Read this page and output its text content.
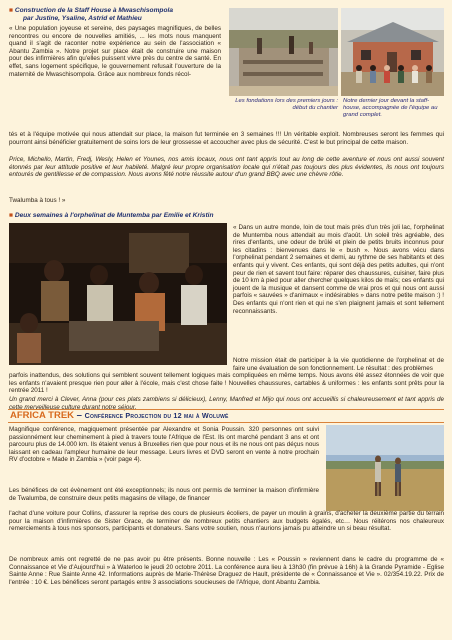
■ Construction de la Staff House à Mwaschisompola
par Justine, Ysaline, Astrid et Mathieu

« Une population joyeuse et sereine, des paysages magnifiques, de belles rencontres ou encore de nouvelles amitiés, ... les mots nous manquent quand il s'agit de raconter notre expérience au sein de l'association « Abantu Zambia ». Notre projet sur place était de construire une maison pour des infirmières afin qu'elles puissent vivre près du centre de santé. En effet, sans logement spécifique, le gouvernement refusait l'ouverture de la maternité de Mwaschisompola. Grâce aux nombreux fonds récol-

Les fondations lors des premiers jours : début du chantier
Notre dernier jour devant la staff-house, accompagnée de l'équipe au grand complet.

tés et à l'équipe motivée qui nous attendait sur place, la maison fut terminée en 3 semaines !!! Un véritable exploit. Nombreuses seront les femmes qui pourront ainsi bénéficier gratuitement de soins lors de leur grossesse et accoucher avec plus de sécurité. C'est le but principal de cette maison.

Price, Michello, Martin, Fredj, Wesly, Helen et Younes, nos amis locaux, nous ont tant appris tout au long de cette aventure et nous ont aussi souvent étonnés par leur attitude positive et leur habileté. Malgré leur propre organisation locale qui n'était pas toujours des plus évidentes, ils nous ont toujours entourés de gentillesse et de compassion. Nous avons fêté notre réussite autour d'un grand BBQ avec une chèvre rôtie.

Twalumba à tous ! »

■ Deux semaines à l'orphelinat de Muntemba par Emilie et Kristin

« Dans un autre monde, loin de tout mais près d'un très joli lac, l'orphelinat de Muntemba nous attendait au mois d'août. Un soleil très agréable, des rires d'enfants, une odeur de brûlé et plein de petits bruits inconnus pour les citadins : bienvenues dans le « bush ». Nous avons vécu dans l'orphelinat pendant 2 semaines et demi, au rythme de ses habitants et des enfants qui y vivent. Ces enfants, qui sont déjà des petits adultes, qui n'ont peur de rien et savent tout faire: réparer des chaussures, cuisiner, faire plus de 10 km à pied pour aller chercher quelques kilos de maïs; ces enfants qui jouent de la musique et dansent comme de vrai pros et qui nous ont aussi parfois « sauvées » d'animaux « indésirables » dans notre petite maison :) ! Des enfants qui n'ont rien et qui ne s'en plaignent jamais et sont tellement reconnaissants.

Notre mission était de participer à la vie quotidienne de l'orphelinat et de faire une évaluation de son fonctionnement. Le résultat : des problèmes

parfois inattendus, des solutions qui semblent souvent tellement logiques mais compliquées en même temps. Nous avons été assez étonnées de voir que les enfants n'avaient presque rien pour aller à l'école, mais c'est chose faite ! Nouvelles chaussures, cartables & uniformes : les enfants sont prêts pour la rentrée 2011 !

Un grand merci à Clever, Anna (pour ces plats zambiens si délicieux), Lenny, Manfred et Mijo qui nous ont accueillis si chaleureusement et tant appris de cette merveilleuse culture durant notre séjour.

AFRICA TREK – Conférence Projection du 12 mai à Woluwé

Magnifique conférence, magiquement présentée par Alexandre et Sonia Poussin. 320 personnes ont suivi passionnément leur cheminement à pied à travers toute l'Afrique de l'Est. Ils ont marché pendant 3 ans et ont parcouru plus de 14.000 km. Ils étaient venus à Bruxelles rien que pour nous et ils ne nous ont pas déçus nous laissant en cadeau l'ampleur humaine de leur message. Leurs livres et DVD seront en vente à notre prochain RV d'octobre « Made in Zambia » (voir page 4).

Les bénéfices de cet évènement ont été exceptionnels; ils nous ont permis de terminer la maison d'infirmière de Twalumba, de construire deux petits magasins de village, de financer

l'achat d'une voiture pour Collins, d'assurer la reprise des cours de plusieurs écoliers, de payer un moulin à grains, d'acheter la deuxième partie du terrain pour la maison d'infirmières de Sister Grace, de terminer de nombreux petits chantiers aux budgets égalés, etc… Nous réitérons nos chaleureux remerciements à tous nos sponsors, participants et donateurs. Sans votre soutien, nous n'aurions jamais pu atteindre un si beau résultat.

De nombreux amis ont regretté de ne pas avoir pu être présents. Bonne nouvelle : Les « Poussin » reviennent dans le cadre du programme de « Connaissance et Vie d'Aujourd'hui » à Waterloo le jeudi 20 octobre 2011. La conférence aura lieu à 13h30 (fin prévue à 16h) à la Grande Pyramide - Eglise Sainte Anne : Rue Sainte Anne 42. Informations auprès de Marie-Thérèse Draguez de Hault, présidente de « Connaissance et Vie ». 02/354.19.22. Prix de l'entrée : 10 €. Les bénéfices seront partagés entre 3 associations soucieuses de l'Afrique, dont Abantu Zambia.
